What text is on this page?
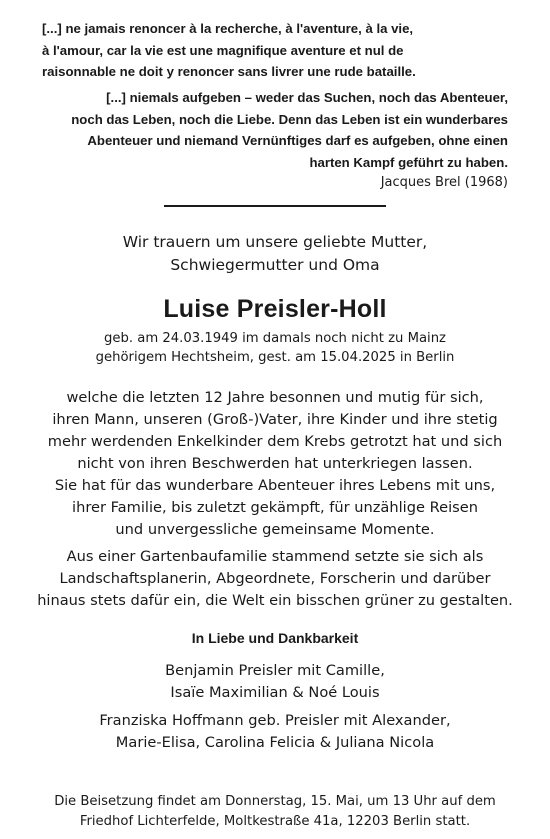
[...] ne jamais renoncer à la recherche, à l'aventure, à la vie,
à l'amour, car la vie est une magnifique aventure et nul de
raisonnable ne doit y renoncer sans livrer une rude bataille.
[...] niemals aufgeben – weder das Suchen, noch das Abenteuer,
noch das Leben, noch die Liebe. Denn das Leben ist ein wunderbares
Abenteuer und niemand Vernünftiges darf es aufgeben, ohne einen
harten Kampf geführt zu haben.
Jacques Brel (1968)
Wir trauern um unsere geliebte Mutter,
Schwiegermutter und Oma
Luise Preisler-Holl
geb. am 24.03.1949 im damals noch nicht zu Mainz
gehörigem Hechtsheim, gest. am 15.04.2025 in Berlin
welche die letzten 12 Jahre besonnen und mutig für sich,
ihren Mann, unseren (Groß-)Vater, ihre Kinder und ihre stetig
mehr werdenden Enkelkinder dem Krebs getrotzt hat und sich
nicht von ihren Beschwerden hat unterkriegen lassen.
Sie hat für das wunderbare Abenteuer ihres Lebens mit uns,
ihrer Familie, bis zuletzt gekämpft, für unzählige Reisen
und unvergessliche gemeinsame Momente.
Aus einer Gartenbaufamilie stammend setzte sie sich als
Landschaftsplanerin, Abgeordnete, Forscherin und darüber
hinaus stets dafür ein, die Welt ein bisschen grüner zu gestalten.
In Liebe und Dankbarkeit
Benjamin Preisler mit Camille,
Isaïe Maximilian & Noé Louis
Franziska Hoffmann geb. Preisler mit Alexander,
Marie-Elisa, Carolina Felicia & Juliana Nicola
Die Beisetzung findet am Donnerstag, 15. Mai, um 13 Uhr auf dem
Friedhof Lichterfelde, Moltkestraße 41a, 12203 Berlin statt.
